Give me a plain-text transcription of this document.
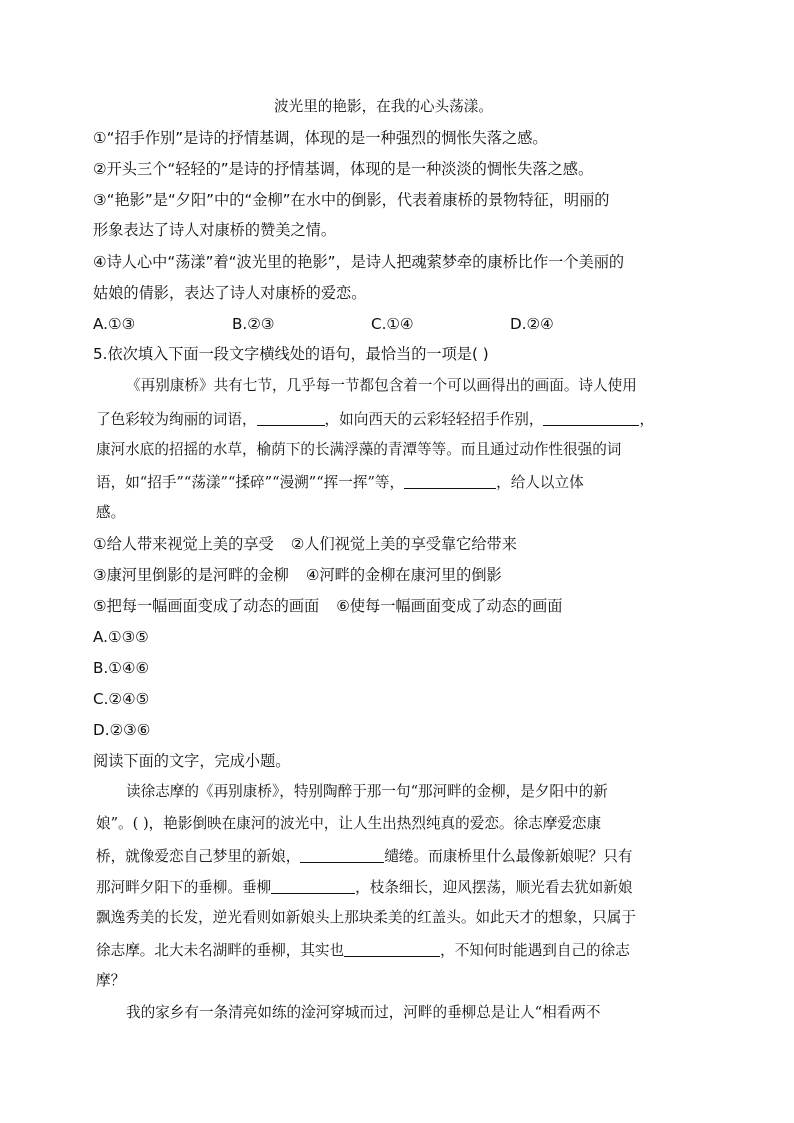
波光里的艳影，在我的心头荡漾。
①“招手作别”是诗的抒情基调，体现的是一种强烈的惆怅失落之感。
②开头三个“轻轻的”是诗的抒情基调，体现的是一种淡淡的惆怅失落之感。
③“艳影”是“夕阳”中的“金柳”在水中的倒影，代表着康桥的景物特征，明丽的
形象表达了诗人对康桥的赞美之情。
④诗人心中“荡漾”着“波光里的艳影”，是诗人把魂萦梦牵的康桥比作一个美丽的
姑娘的倩影，表达了诗人对康桥的爱恋。
A.①③	B.②③	C.①④	D.②④
5.依次填入下面一段文字横线处的语句，最恰当的一项是( )
《再别康桥》共有七节，几乎每一节都包含着一个可以画得出的画面。诗人使用
了色彩较为绚丽的词语，	，如向西天的云彩轻轻招手作别，	，
康河水底的招摇的水草，榆荫下的长满浮藻的青潭等等。而且通过动作性很强的词
语，如“招手”“荡漾”“揉碎”“漫溯”“挥一挥”等，	，给人以立体
感。
①给人带来视觉上美的享受 ②人们视觉上美的享受靠它给带来
③康河里倒影的是河畔的金柳 ④河畔的金柳在康河里的倒影
⑤把每一幅画面变成了动态的画面 ⑥使每一幅画面变成了动态的画面
A.①③⑤
B.①④⑥
C.②④⑤
D.②③⑥
阅读下面的文字，完成小题。
读徐志摩的《再别康桥》，特别陶醉于那一句“那河畔的金柳，是夕阳中的新
娘”。( )，艳影倒映在康河的波光中，让人生出热烈纯真的爱恋。徐志摩爱恋康
桥，就像爱恋自己梦里的新娘，	缱绻。而康桥里什么最像新娘呢？只有
那河畔夕阳下的垂柳。垂柳	，枝条细长，迎风摆荡，顺光看去犹如新娘
飘逸秀美的长发，逆光看则如新娘头上那块柔美的红盖头。如此天才的想象，只属于
徐志摩。北大未名湖畔的垂柳，其实也	，不知何时能遇到自己的徐志
摩？
我的家乡有一条清亮如练的淦河穿城而过，河畔的垂柳总是让人“相看两不
